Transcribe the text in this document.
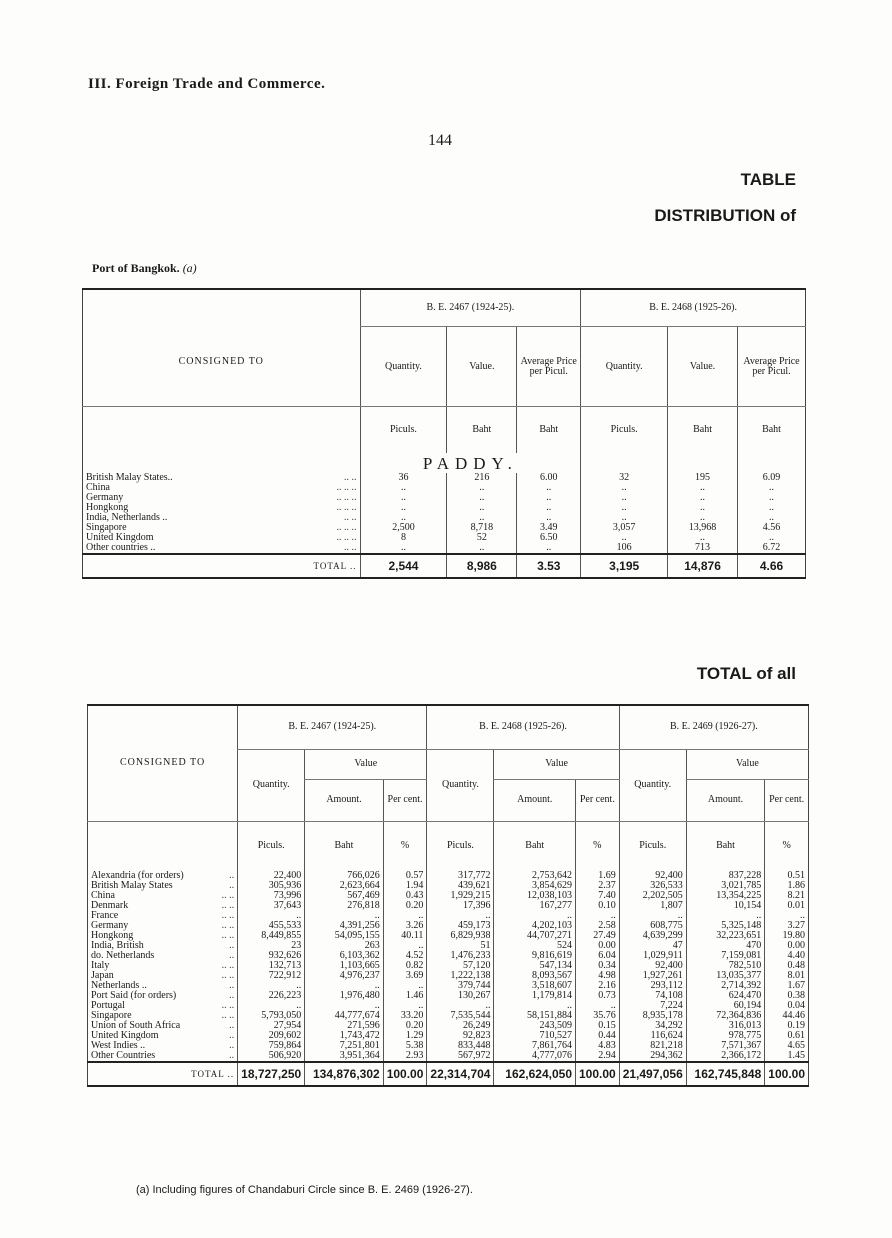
III. Foreign Trade and Commerce.
144
TABLE
DISTRIBUTION of
Port of Bangkok. (a)
CONSIGNED TO	B. E. 2467 (1924-25).			B. E. 2468 (1925-26).		
	Quantity.	Value.	Average Price per Picul.	Quantity.	Value.	Average Price per Picul.
	Piculs.	Baht	Baht	Piculs.	Baht	Baht
	PADDY.					
British Malay States.. .. ..	36	216	6.00	32	195	6.09
China .. .. ..	..	..	..	..	..	..
Germany .. .. ..	..	..	..	..	..	..
Hongkong .. .. ..	..	..	..	..	..	..
India, Netherlands .. .. ..	..	..	..	..	..	..
Singapore .. .. ..	2,500	8,718	3.49	3,057	13,968	4.56
United Kingdom .. .. ..	8	52	6.50	..	..	..
Other countries .. .. ..	..	..	..	106	713	6.72
TOTAL ..	2,544	8,986	3.53	3,195	14,876	4.66
TOTAL of all
CONSIGNED TO	B. E. 2467 (1924-25).			B. E. 2468 (1925-26).			B. E. 2469 (1926-27).		
	Quantity.	Value		Quantity.	Value		Quantity.	Value	
		Amount.	Per cent.		Amount.	Per cent.		Amount.	Per cent.
	Piculs.	Baht	%	Piculs.	Baht	%	Piculs.	Baht	%
Alexandria (for orders) ..	22,400	766,026	0.57	317,772	2,753,642	1.69	92,400	837,228	0.51
British Malay States ..	305,936	2,623,664	1.94	439,621	3,854,629	2.37	326,533	3,021,785	1.86
China .. ..	73,996	567,469	0.43	1,929,215	12,038,103	7.40	2,202,505	13,354,225	8.21
Denmark .. ..	37,643	276,818	0.20	17,396	167,277	0.10	1,807	10,154	0.01
France .. ..	..	..	..	..	..	..	..	..	..
Germany .. ..	455,533	4,391,256	3.26	459,173	4,202,103	2.58	608,775	5,325,148	3.27
Hongkong .. ..	8,449,855	54,095,155	40.11	6,829,938	44,707,271	27.49	4,639,299	32,223,651	19.80
India, British ..	23	263	..	51	524	0.00	47	470	0.00
do. Netherlands ..	932,626	6,103,362	4.52	1,476,233	9,816,619	6.04	1,029,911	7,159,081	4.40
Italy .. ..	132,713	1,103,665	0.82	57,120	547,134	0.34	92,400	782,510	0.48
Japan .. ..	722,912	4,976,237	3.69	1,222,138	8,093,567	4.98	1,927,261	13,035,377	8.01
Netherlands .. ..	..	..	..	379,744	3,518,607	2.16	293,112	2,714,392	1.67
Port Said (for orders) ..	226,223	1,976,480	1.46	130,267	1,179,814	0.73	74,108	624,470	0.38
Portugal .. ..	..	..	..	..	..	..	7,224	60,194	0.04
Singapore .. ..	5,793,050	44,777,674	33.20	7,535,544	58,151,884	35.76	8,935,178	72,364,836	44.46
Union of South Africa ..	27,954	271,596	0.20	26,249	243,509	0.15	34,292	316,013	0.19
United Kingdom ..	209,602	1,743,472	1.29	92,823	710,527	0.44	116,624	978,775	0.61
West Indies .. ..	759,864	7,251,801	5.38	833,448	7,861,764	4.83	821,218	7,571,367	4.65
Other Countries ..	506,920	3,951,364	2.93	567,972	4,777,076	2.94	294,362	2,366,172	1.45
TOTAL ..	18,727,250	134,876,302	100.00	22,314,704	162,624,050	100.00	21,497,056	162,745,848	100.00
(a) Including figures of Chandaburi Circle since B. E. 2469 (1926-27).
